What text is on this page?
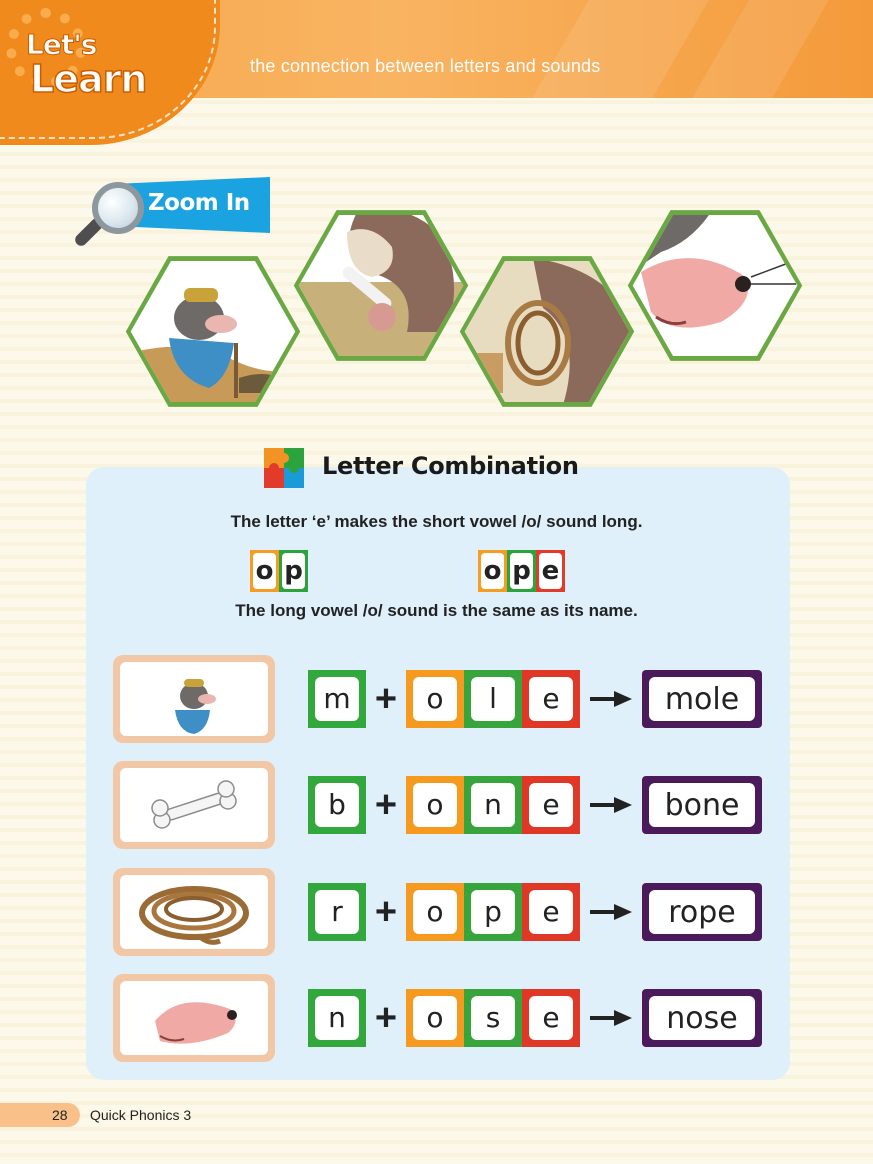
Let's
Learn	the connection between letters and sounds
Zoom In
Letter Combination
The letter ‘e’ makes the short vowel /o/ sound long.
o p	o p e
The long vowel /o/ sound is the same as its name.
m +	o	l	e	mole
b +	o	n	e	bone
r +	o	p	e	rope
n +	o	s	e	nose
28 Quick Phonics 3
